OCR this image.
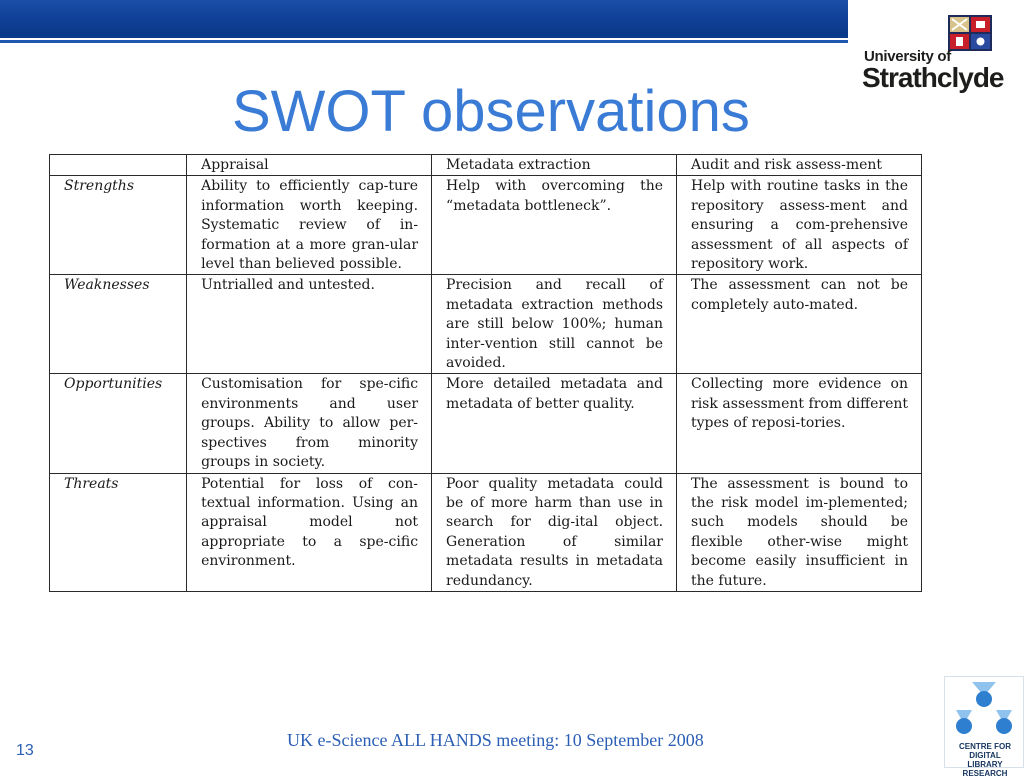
University of
Strathclyde
SWOT observations
	Appraisal	Metadata extraction	Audit and risk assess-ment
Strengths	Ability to efficiently cap-ture information worth keeping. Systematic review of in-formation at a more gran-ular level than believed possible.	Help with overcoming the “metadata bottleneck”.	Help with routine tasks in the repository assess-ment and ensuring a com-prehensive assessment of all aspects of repository work.
Weaknesses	Untrialled and untested.	Precision and recall of metadata extraction methods are still below 100%; human inter-vention still cannot be avoided.	The assessment can not be completely auto-mated.
Opportunities	Customisation for spe-cific environments and user groups. Ability to allow per-spectives from minority groups in society.	More detailed metadata and metadata of better quality.	Collecting more evidence on risk assessment from different types of reposi-tories.
Threats	Potential for loss of con-textual information. Using an appraisal model not appropriate to a spe-cific environment.	Poor quality metadata could be of more harm than use in search for dig-ital object. Generation of similar metadata results in metadata redundancy.	The assessment is bound to the risk model im-plemented; such models should be flexible other-wise might become easily insufficient in the future.
13
UK e-Science ALL HANDS meeting: 10 September 2008	CENTRE FOR DIGITAL
LIBRARY RESEARCH
